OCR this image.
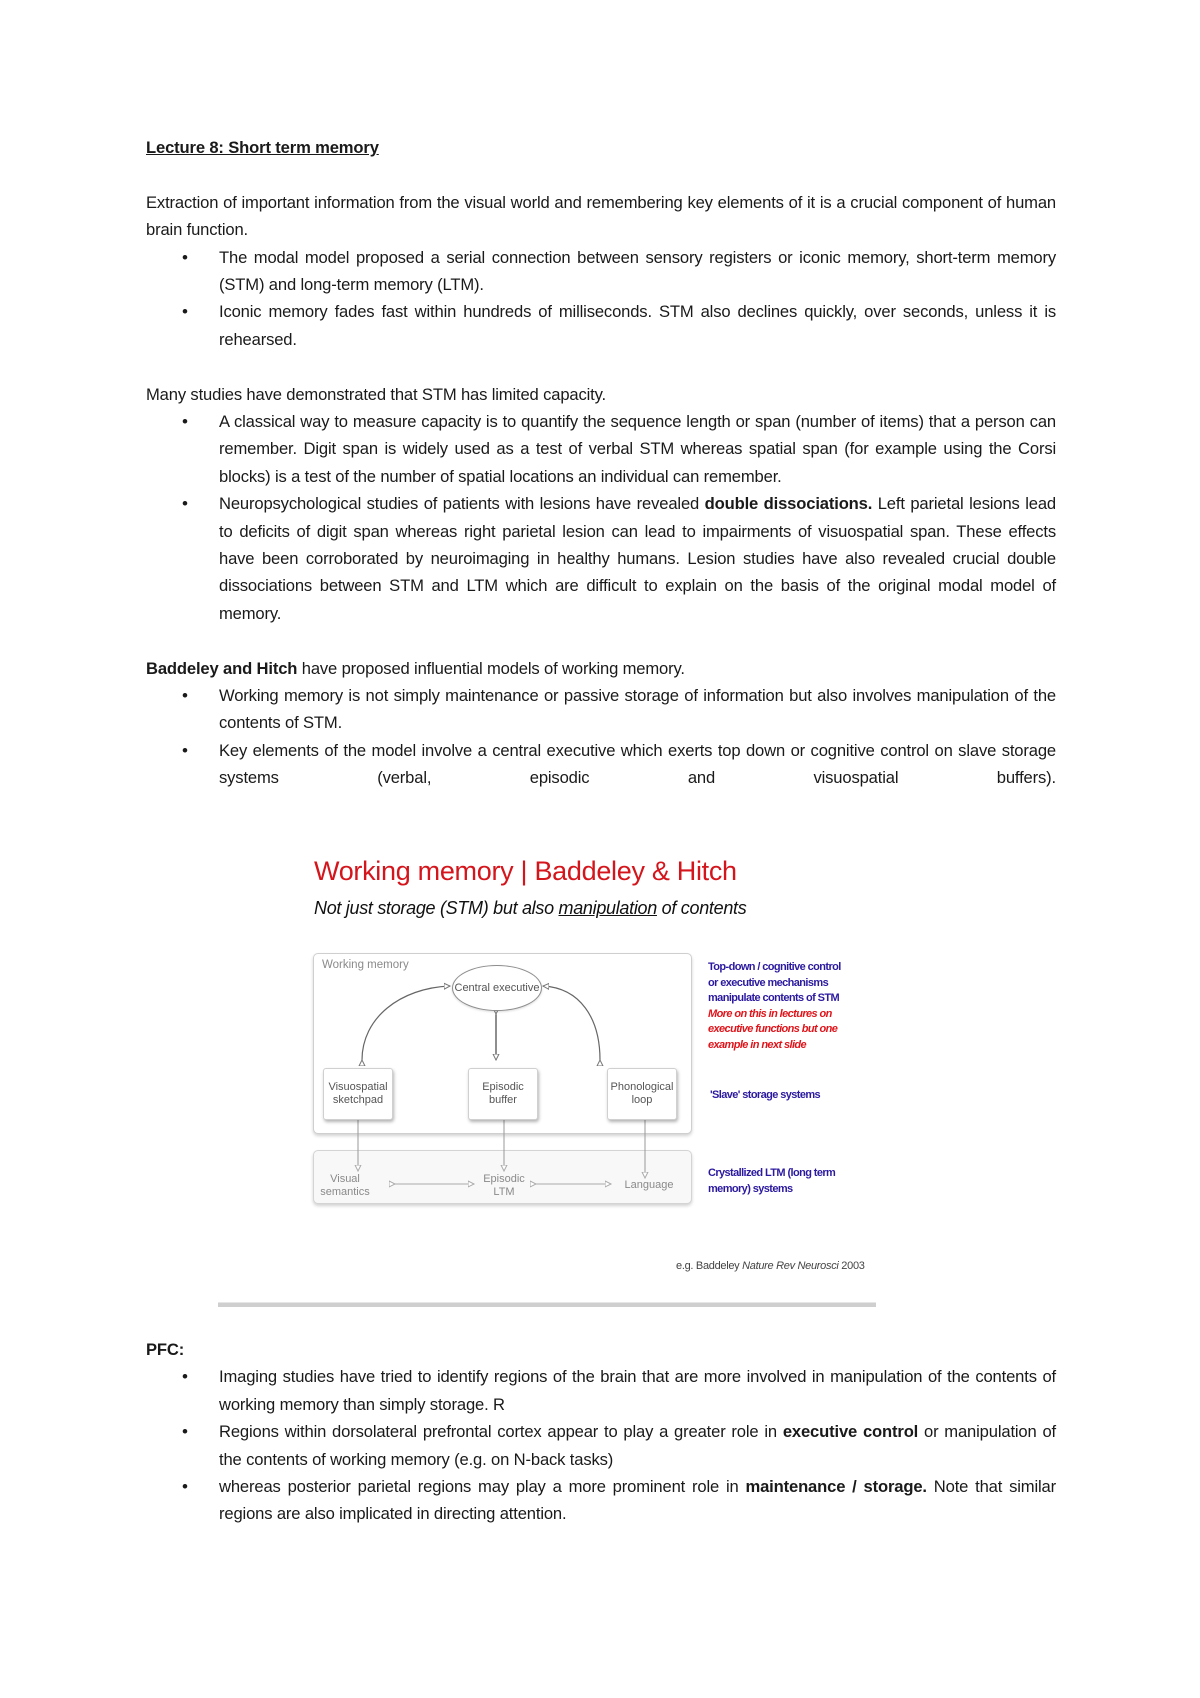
Lecture 8: Short term memory

Extraction of important information from the visual world and remembering key elements of it is a crucial component of human brain function.

• The modal model proposed a serial connection between sensory registers or iconic memory, short-term memory (STM) and long-term memory (LTM).
• Iconic memory fades fast within hundreds of milliseconds. STM also declines quickly, over seconds, unless it is rehearsed.

Many studies have demonstrated that STM has limited capacity.

• A classical way to measure capacity is to quantify the sequence length or span (number of items) that a person can remember. Digit span is widely used as a test of verbal STM whereas spatial span (for example using the Corsi blocks) is a test of the number of spatial locations an individual can remember.
• Neuropsychological studies of patients with lesions have revealed double dissociations. Left parietal lesions lead to deficits of digit span whereas right parietal lesion can lead to impairments of visuospatial span. These effects have been corroborated by neuroimaging in healthy humans. Lesion studies have also revealed crucial double dissociations between STM and LTM which are difficult to explain on the basis of the original modal model of memory.

Baddeley and Hitch have proposed influential models of working memory.

• Working memory is not simply maintenance or passive storage of information but also involves manipulation of the contents of STM.
• Key elements of the model involve a central executive which exerts top down or cognitive control on slave storage systems (verbal, episodic and visuospatial buffers).
Working memory | Baddeley & Hitch
Not just storage (STM) but also manipulation of contents
Working memory
Central executive
Visuospatial sketchpad
Episodic buffer
Phonological loop
Visual semantics
Episodic LTM
Language
Top-down / cognitive control
or executive mechanisms
manipulate contents of STM
More on this in lectures on
executive functions but one
example in next slide
'Slave' storage systems
Crystallized LTM (long term
memory) systems
e.g. Baddeley Nature Rev Neurosci 2003

PFC:

• Imaging studies have tried to identify regions of the brain that are more involved in manipulation of the contents of working memory than simply storage. R
• Regions within dorsolateral prefrontal cortex appear to play a greater role in executive control or manipulation of the contents of working memory (e.g. on N-back tasks)
• whereas posterior parietal regions may play a more prominent role in maintenance / storage. Note that similar regions are also implicated in directing attention.
